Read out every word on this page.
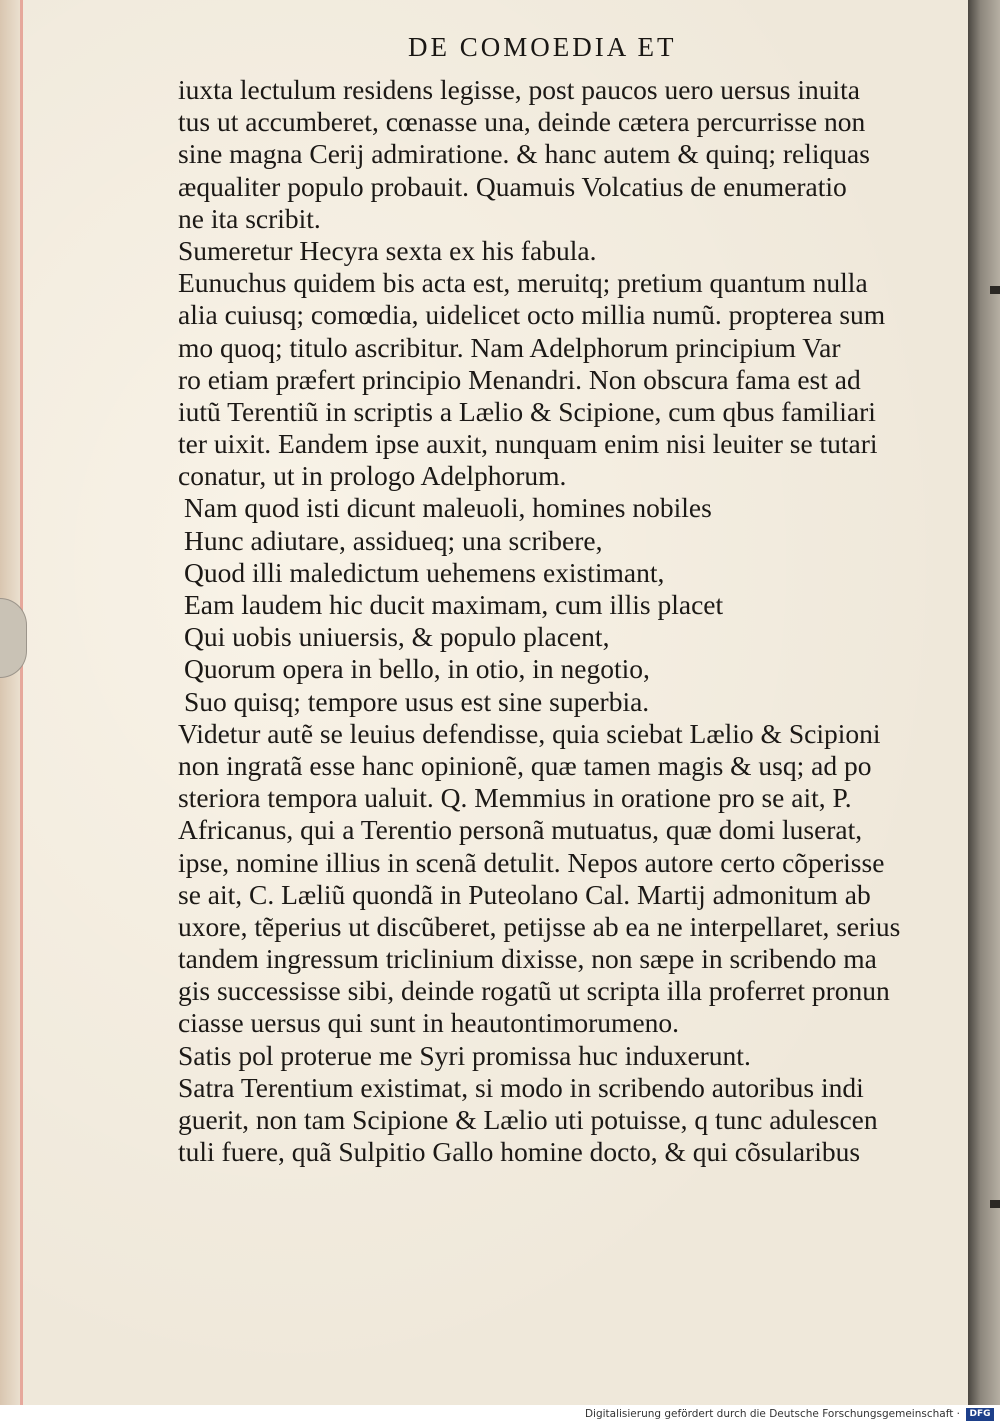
DE COMOEDIA ET
iuxta lectulum residens legisse, post paucos uero uersus inuita
tus ut accumberet, cœnasse una, deinde cætera percurrisse non
sine magna Cerij admiratione. & hanc autem & quinq; reliquas
æqualiter populo probauit. Quamuis Volcatius de enumeratio
ne ita scribit.
Sumeretur Hecyra sexta ex his fabula.
Eunuchus quidem bis acta est, meruitq; pretium quantum nulla
alia cuiusq; comœdia, uidelicet octo millia numũ. propterea sum
mo quoq; titulo ascribitur. Nam Adelphorum principium Var
ro etiam præfert principio Menandri. Non obscura fama est ad
iutũ Terentiũ in scriptis a Lælio & Scipione, cum qbus familiari
ter uixit. Eandem ipse auxit, nunquam enim nisi leuiter se tutari
conatur, ut in prologo Adelphorum.
Nam quod isti dicunt maleuoli, homines nobiles
Hunc adiutare, assidueq; una scribere,
Quod illi maledictum uehemens existimant,
Eam laudem hic ducit maximam, cum illis placet
Qui uobis uniuersis, & populo placent,
Quorum opera in bello, in otio, in negotio,
Suo quisq; tempore usus est sine superbia.
Videtur autẽ se leuius defendisse, quia sciebat Lælio & Scipioni
non ingratã esse hanc opinionẽ, quæ tamen magis & usq; ad po
steriora tempora ualuit. Q. Memmius in oratione pro se ait, P.
Africanus, qui a Terentio personã mutuatus, quæ domi luserat,
ipse, nomine illius in scenã detulit. Nepos autore certo cõperisse
se ait, C. Læliũ quondã in Puteolano Cal. Martij admonitum ab
uxore, tẽperius ut discũberet, petijsse ab ea ne interpellaret, serius
tandem ingressum triclinium dixisse, non sæpe in scribendo ma
gis successisse sibi, deinde rogatũ ut scripta illa proferret pronun
ciasse uersus qui sunt in heautontimorumeno.
Satis pol proterue me Syri promissa huc induxerunt.
Satra Terentium existimat, si modo in scribendo autoribus indi
guerit, non tam Scipione & Lælio uti potuisse, q tunc adulescen
tuli fuere, quã Sulpitio Gallo homine docto, & qui cõsularibus
Digitalisierung gefördert durch die Deutsche Forschungsgemeinschaft ·	DFG
